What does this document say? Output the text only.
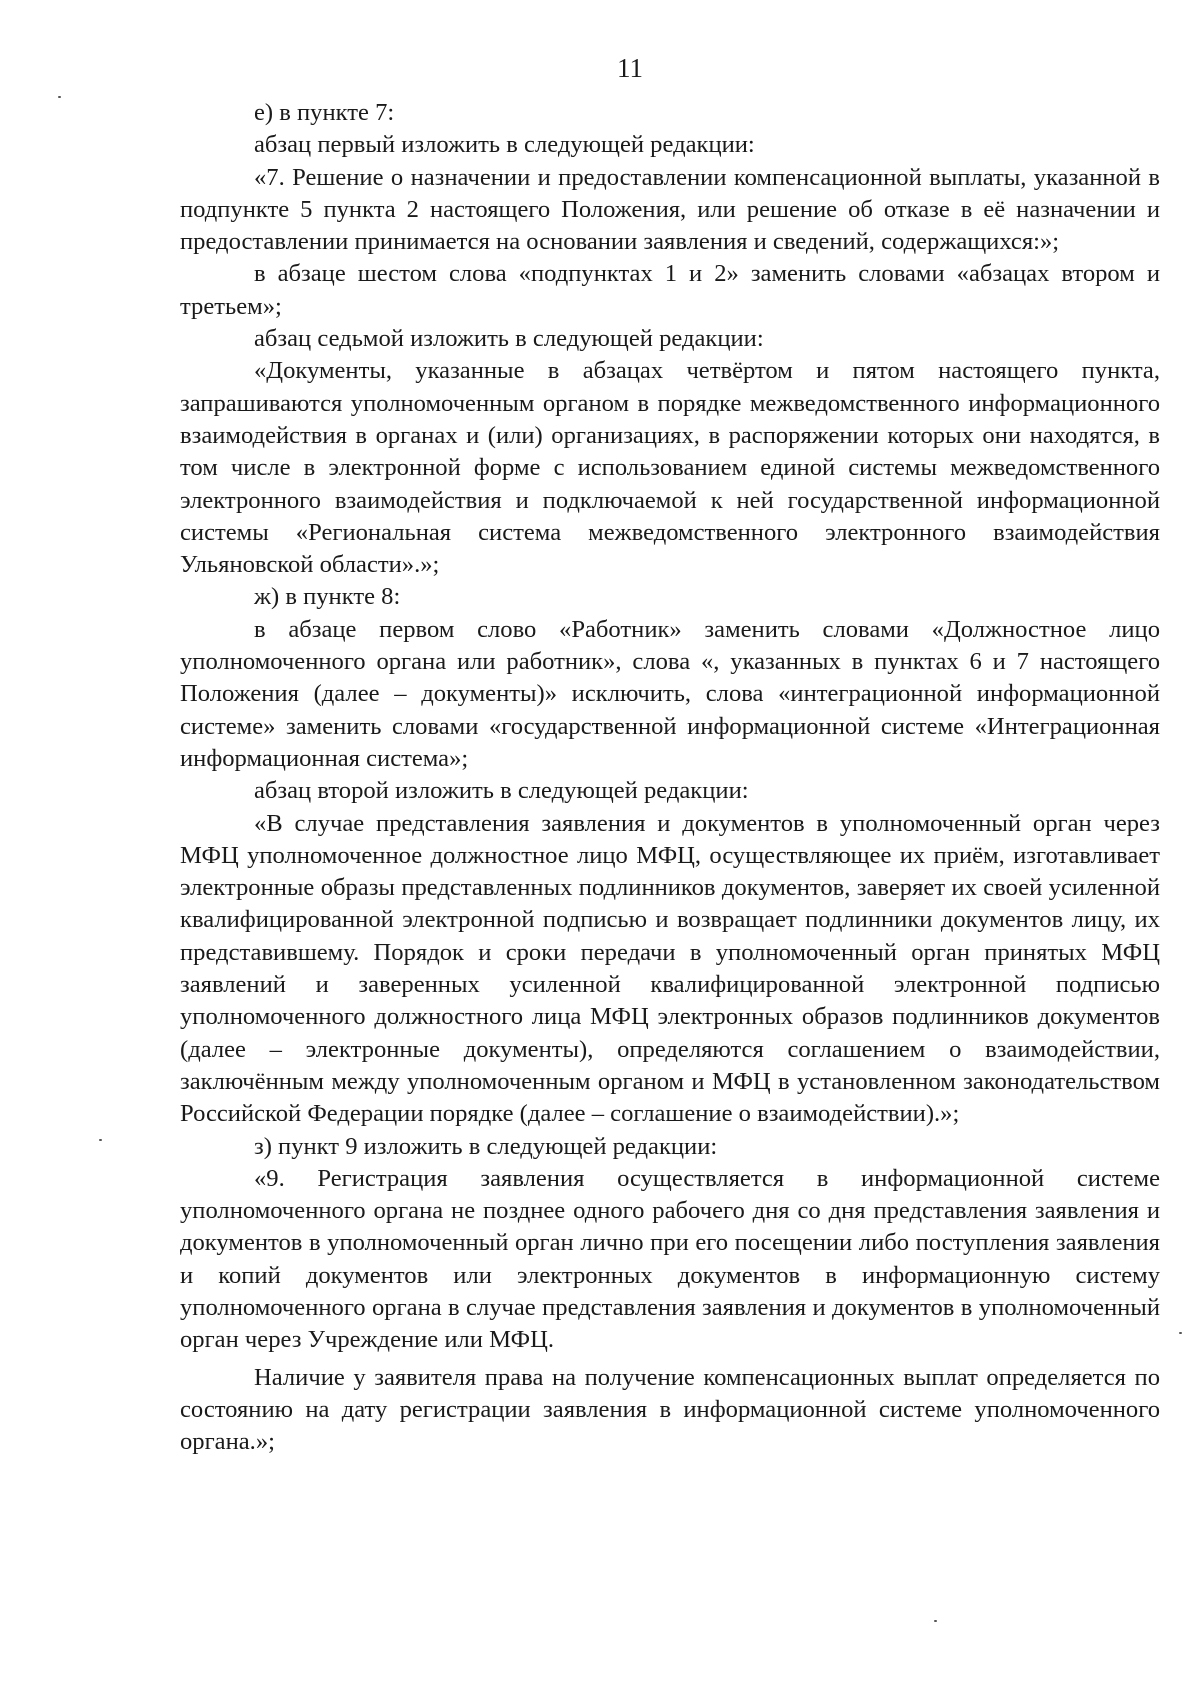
11

е) в пункте 7:

абзац первый изложить в следующей редакции:

«7. Решение о назначении и предоставлении компенсационной выплаты, указанной в подпункте 5 пункта 2 настоящего Положения, или решение об отказе в её назначении и предоставлении принимается на основании заявления и сведений, содержащихся:»;

в абзаце шестом слова «подпунктах 1 и 2» заменить словами «абзацах втором и третьем»;

абзац седьмой изложить в следующей редакции:

«Документы, указанные в абзацах четвёртом и пятом настоящего пункта, запрашиваются уполномоченным органом в порядке межведомственного информационного взаимодействия в органах и (или) организациях, в распоряжении которых они находятся, в том числе в электронной форме с использованием единой системы межведомственного электронного взаимодействия и подключаемой к ней государственной информационной системы «Региональная система межведомственного электронного взаимодействия Ульяновской области».»;

ж) в пункте 8:

в абзаце первом слово «Работник» заменить словами «Должностное лицо уполномоченного органа или работник», слова «, указанных в пунктах 6 и 7 настоящего Положения (далее – документы)» исключить, слова «интеграционной информационной системе» заменить словами «государственной информационной системе «Интеграционная информационная система»;

абзац второй изложить в следующей редакции:

«В случае представления заявления и документов в уполномоченный орган через МФЦ уполномоченное должностное лицо МФЦ, осуществляющее их приём, изготавливает электронные образы представленных подлинников документов, заверяет их своей усиленной квалифицированной электронной подписью и возвращает подлинники документов лицу, их представившему. Порядок и сроки передачи в уполномоченный орган принятых МФЦ заявлений и заверенных усиленной квалифицированной электронной подписью уполномоченного должностного лица МФЦ электронных образов подлинников документов (далее – электронные документы), определяются соглашением о взаимодействии, заключённым между уполномоченным органом и МФЦ в установленном законодательством Российской Федерации порядке (далее – соглашение о взаимодействии).»;

з) пункт 9 изложить в следующей редакции:

«9. Регистрация заявления осуществляется в информационной системе уполномоченного органа не позднее одного рабочего дня со дня представления заявления и документов в уполномоченный орган лично при его посещении либо поступления заявления и копий документов или электронных документов в информационную систему уполномоченного органа в случае представления заявления и документов в уполномоченный орган через Учреждение или МФЦ.

Наличие у заявителя права на получение компенсационных выплат определяется по состоянию на дату регистрации заявления в информационной системе уполномоченного органа.»;
